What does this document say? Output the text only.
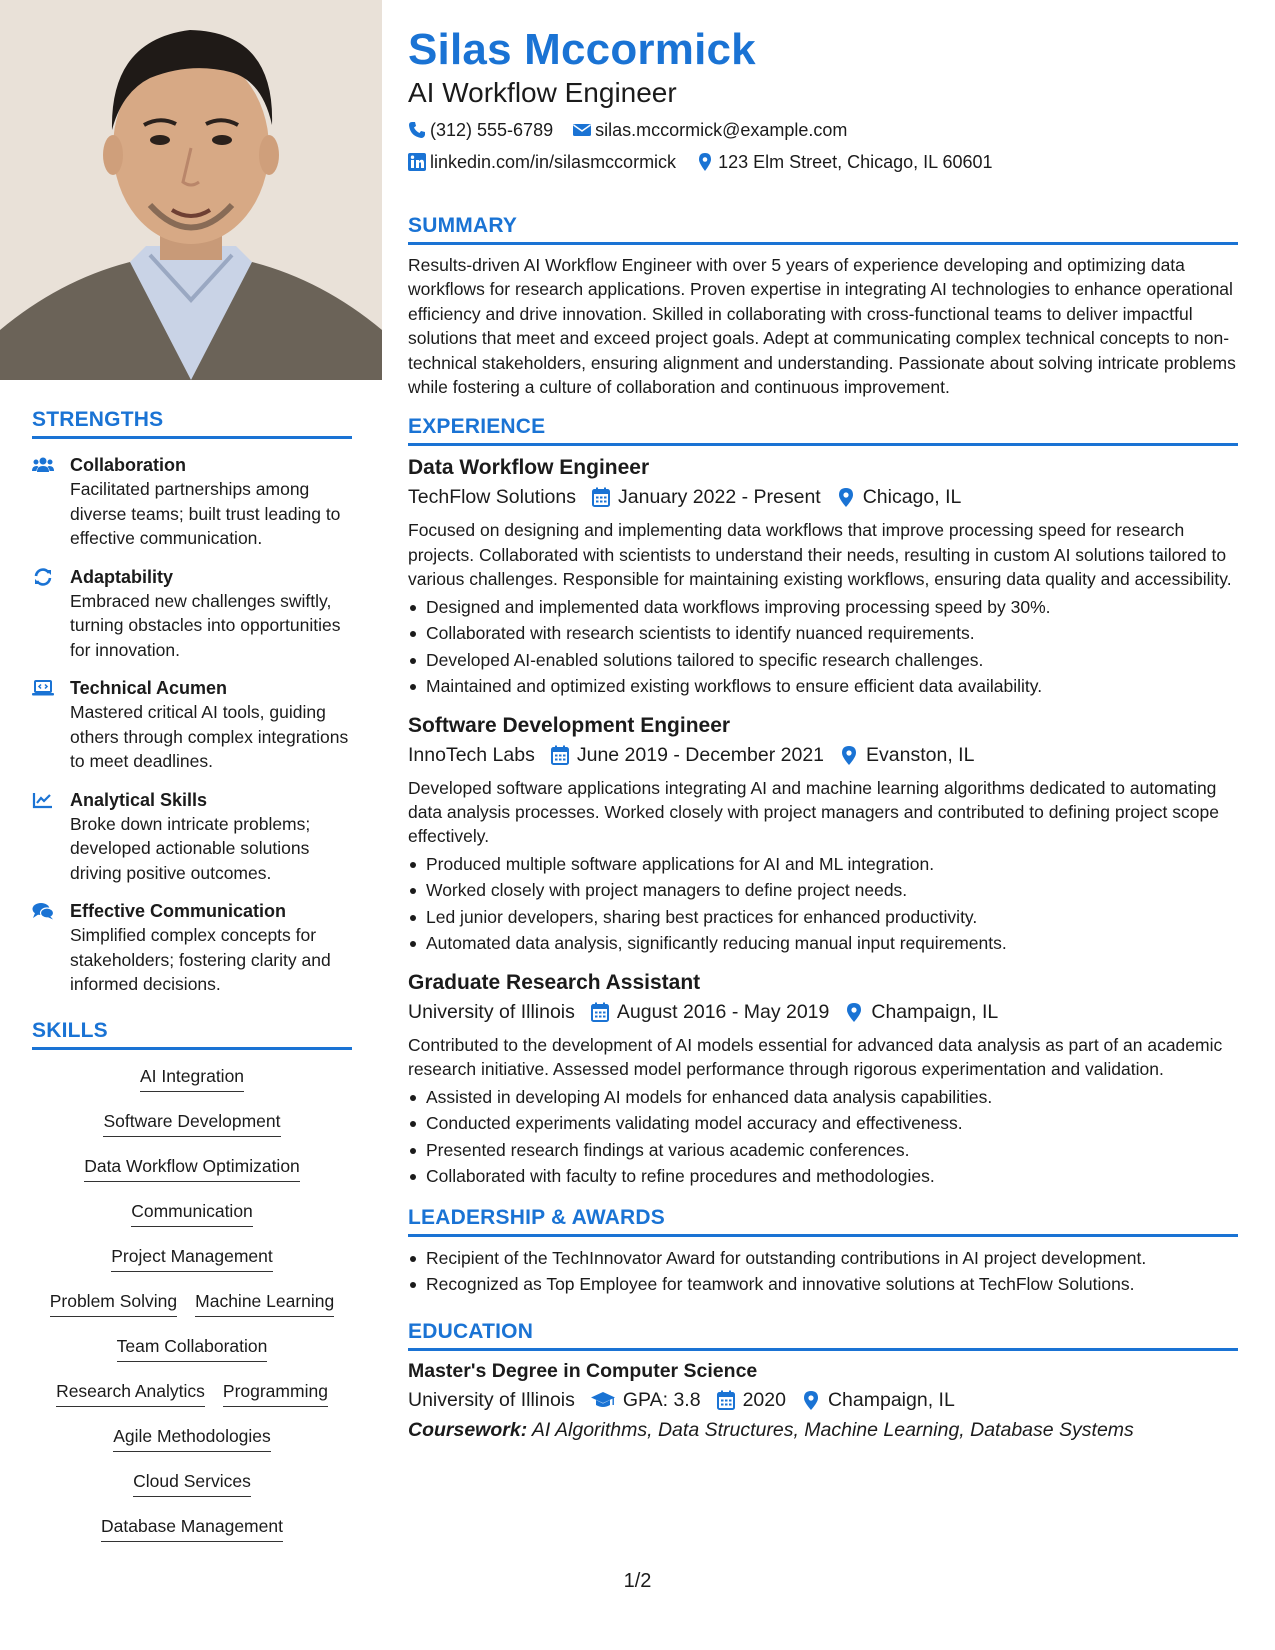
STRENGTHS
Collaboration
Facilitated partnerships among diverse teams; built trust leading to effective communication.
Adaptability
Embraced new challenges swiftly, turning obstacles into opportunities for innovation.
Technical Acumen
Mastered critical AI tools, guiding others through complex integrations to meet deadlines.
Analytical Skills
Broke down intricate problems; developed actionable solutions driving positive outcomes.
Effective Communication
Simplified complex concepts for stakeholders; fostering clarity and informed decisions.
SKILLS
AI Integration
Software Development
Data Workflow Optimization
Communication
Project Management
Problem Solving Machine Learning
Team Collaboration
Research Analytics Programming
Agile Methodologies
Cloud Services
Database Management
Silas Mccormick
AI Workflow Engineer
(312) 555-6789 silas.mccormick@example.com
linkedin.com/in/silasmccormick 123 Elm Street, Chicago, IL 60601
SUMMARY
Results-driven AI Workflow Engineer with over 5 years of experience developing and optimizing data workflows for research applications. Proven expertise in integrating AI technologies to enhance operational efficiency and drive innovation. Skilled in collaborating with cross-functional teams to deliver impactful solutions that meet and exceed project goals. Adept at communicating complex technical concepts to non-technical stakeholders, ensuring alignment and understanding. Passionate about solving intricate problems while fostering a culture of collaboration and continuous improvement.
EXPERIENCE
Data Workflow Engineer
TechFlow Solutions January 2022 - Present Chicago, IL
Focused on designing and implementing data workflows that improve processing speed for research projects. Collaborated with scientists to understand their needs, resulting in custom AI solutions tailored to various challenges. Responsible for maintaining existing workflows, ensuring data quality and accessibility.
Designed and implemented data workflows improving processing speed by 30%.
Collaborated with research scientists to identify nuanced requirements.
Developed AI-enabled solutions tailored to specific research challenges.
Maintained and optimized existing workflows to ensure efficient data availability.
Software Development Engineer
InnoTech Labs June 2019 - December 2021 Evanston, IL
Developed software applications integrating AI and machine learning algorithms dedicated to automating data analysis processes. Worked closely with project managers and contributed to defining project scope effectively.
Produced multiple software applications for AI and ML integration.
Worked closely with project managers to define project needs.
Led junior developers, sharing best practices for enhanced productivity.
Automated data analysis, significantly reducing manual input requirements.
Graduate Research Assistant
University of Illinois August 2016 - May 2019 Champaign, IL
Contributed to the development of AI models essential for advanced data analysis as part of an academic research initiative. Assessed model performance through rigorous experimentation and validation.
Assisted in developing AI models for enhanced data analysis capabilities.
Conducted experiments validating model accuracy and effectiveness.
Presented research findings at various academic conferences.
Collaborated with faculty to refine procedures and methodologies.
LEADERSHIP & AWARDS
Recipient of the TechInnovator Award for outstanding contributions in AI project development.
Recognized as Top Employee for teamwork and innovative solutions at TechFlow Solutions.
EDUCATION
Master's Degree in Computer Science
University of Illinois GPA: 3.8 2020 Champaign, IL
Coursework: AI Algorithms, Data Structures, Machine Learning, Database Systems
1/2
